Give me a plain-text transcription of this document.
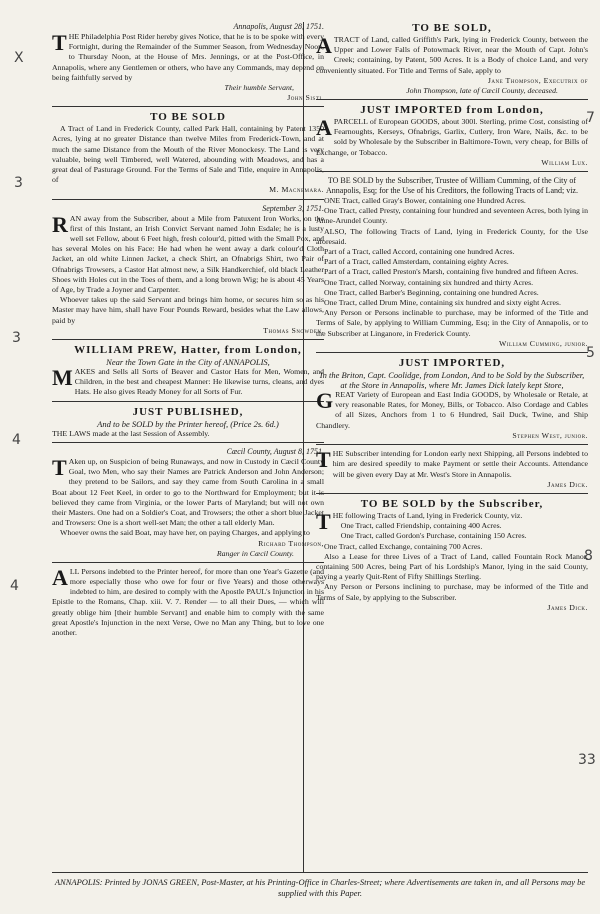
X
3
3
4
4
7
5
8
33
Annapolis, August 28, 1751.
T HE Philadelphia Post Rider hereby gives Notice, that he is to be spoke with every Fortnight, during the Remainder of the Summer Season, from Wednesday Noon, to Thursday Noon, at the House of Mrs. Jennings, or at the Post-Office, in Annapolis, where any Gentlemen or others, who have any Commands, may depend on being faithfully served by
Their humble Servant,
John Sisti.
TO BE SOLD
A Tract of Land in Frederick County, called Park Hall, containing by Patent 1350 Acres, lying at no greater Distance than twelve Miles from Frederick-Town, and at much the same Distance from the Mouth of the River Monockesy. The Land is very valuable, being well Timbered, well Watered, abounding with Meadows, and has a great deal of Pasturage Ground. For the Terms of Sale and Title, enquire in Annapolis, of
M. Macnemara.
September 3, 1751.
R AN away from the Subscriber, about a Mile from Patuxent Iron Works, on the first of this Instant, an Irish Convict Servant named John Esdale; he is a lusty well set Fellow, about 6 Feet high, fresh colour'd, pitted with the Small Pox, and has several Moles on his Face: He had when he went away a dark colour'd Cloth Jacket, an old white Linnen Jacket, a check Shirt, an Ofnabrigs Shirt, two Pair of Ofnabrigs Trowsers, a Castor Hat almost new, a Silk Handkerchief, old black Leather Shoes with Holes cut in the Toes of them, and a long brown Wig; he is about 45 Years of Age, by Trade a Joyner and Carpenter.
Whoever takes up the said Servant and brings him home, or secures him so as his Master may have him, shall have Four Pounds Reward, besides what the Law allows, paid by
Thomas Snowden.
WILLIAM PREW, Hatter, from London,
Near the Town Gate in the City of ANNAPOLIS,
M AKES and Sells all Sorts of Beaver and Castor Hats for Men, Women, and Children, in the best and cheapest Manner: He likewise turns, cleans, and dyes Hats. He also gives Ready Money for all Sorts of Fur.
JUST PUBLISHED,
And to be SOLD by the Printer hereof, (Price 2s. 6d.)
THE LAWS made at the last Session of Assembly.
Cæcil County, August 8, 1751.
T Aken up, on Suspicion of being Runaways, and now in Custody in Cæcil County Goal, two Men, who say their Names are Patrick Anderson and John Anderson; they pretend to be Sailors, and say they came from South Carolina in a small Boat about 12 Feet Keel, in order to go to the Northward for Employment; but it is believed they came from Virginia, or the lower Parts of Maryland; but will not own their Masters. One had on a Soldier's Coat, and Trowsers; the other a short blue Jacket and Trowsers: One is a short well-set Man; the other a tall elderly Man.
Whoever owns the said Boat, may have her, on paying Charges, and applying to
Richard Thompson,
Ranger in Cæcil County.
A LL Persons indebted to the Printer hereof, for more than one Year's Gazette (and more especially those who owe for four or five Years) and those otherways indebted to him, are desired to comply with the Apostle PAUL's Injunction in his Epistle to the Romans, Chap. xiii. V. 7. Render — to all their Dues, — which will greatly oblige him [their humble Servant] and enable him to comply with the same great Apostle's Injunction in the next Verse, Owe no Man any Thing, but to love one another.
TO BE SOLD,
A TRACT of Land, called Griffith's Park, lying in Frederick County, between the Upper and Lower Falls of Potowmack River, near the Mouth of Capt. John's Creek; containing, by Patent, 500 Acres. It is a Body of choice Land, and very conveniently situated. For Title and Terms of Sale, apply to
Jane Thompson, Executrix of
John Thompson, late of Cæcil County, deceased.
JUST IMPORTED from London,
A PARCELL of European GOODS, about 300l. Sterling, prime Cost, consisting of Fearnoughts, Kerseys, Ofnabrigs, Garlix, Cutlery, Iron Ware, Nails, &c. to be sold by Wholesale by the Subscriber in Baltimore-Town, very cheap, for Bills of Exchange, or Tobacco.
William Lux.
TO BE SOLD by the Subscriber, Trustee of William Cumming, of the City of Annapolis, Esq; for the Use of his Creditors, the following Tracts of Land; viz.
ONE Tract, called Gray's Bower, containing one Hundred Acres.
One Tract, called Presty, containing four hundred and seventeen Acres, both lying in Anne-Arundel County.
ALSO, The following Tracts of Land, lying in Frederick County, for the Use aforesaid.
Part of a Tract, called Accord, containing one hundred Acres.
Part of a Tract, called Amsterdam, containing eighty Acres.
Part of a Tract, called Preston's Marsh, containing five hundred and fifteen Acres.
One Tract, called Norway, containing six hundred and thirty Acres.
One Tract, called Barber's Beginning, containing one hundred Acres.
One Tract, called Drum Mine, containing six hundred and sixty eight Acres.
Any Person or Persons inclinable to purchase, may be informed of the Title and Terms of Sale, by applying to William Cumming, Esq; in the City of Annapolis, or to the Subscriber at Linganore, in Frederick County.
William Cumming, junior.
JUST IMPORTED,
In the Briton, Capt. Coolidge, from London, And to be Sold by the Subscriber, at the Store in Annapolis, where Mr. James Dick lately kept Store,
G REAT Variety of European and East India GOODS, by Wholesale or Retale, at very reasonable Rates, for Money, Bills, or Tobacco. Also Cordage and Cables of all Sizes, Anchors from 1 to 6 Hundred, Sail Duck, Twine, and Ship Chandlery.
Stephen West, junior.
T HE Subscriber intending for London early next Shipping, all Persons indebted to him are desired speedily to make Payment or settle their Accounts. Attendance will be given every Day at Mr. West's Store in Annapolis.
James Dick.
TO BE SOLD by the Subscriber,
T HE following Tracts of Land, lying in Frederick County, viz.
One Tract, called Friendship, containing 400 Acres.
One Tract, called Gordon's Purchase, containing 150 Acres.
One Tract, called Exchange, containing 700 Acres.
Also a Lease for three Lives of a Tract of Land, called Fountain Rock Manor, containing 500 Acres, being Part of his Lordship's Manor, lying in the said County, paying a yearly Quit-Rent of Fifty Shillings Sterling.
Any Person or Persons inclining to purchase, may be informed of the Title and Terms of Sale, by applying to the Subscriber.
James Dick.
ANNAPOLIS: Printed by JONAS GREEN, Post-Master, at his Printing-Office in Charles-Street; where Advertisements are taken in, and all Persons may be supplied with this Paper.
